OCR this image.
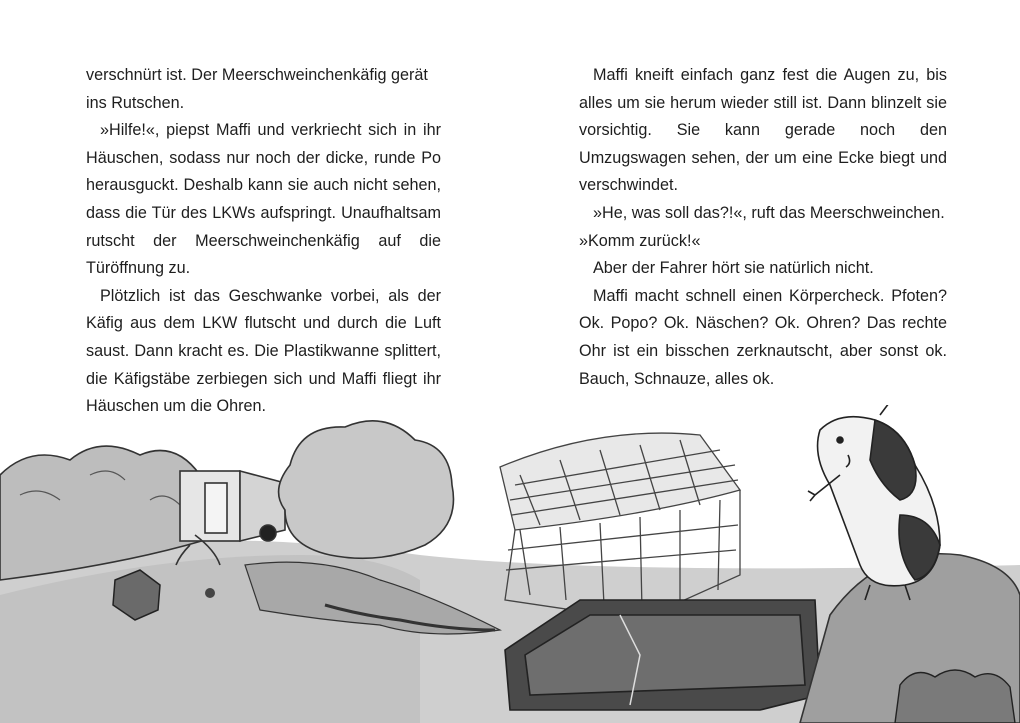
verschnürt ist. Der Meerschweinchenkäfig gerät ins Rutschen.

»Hilfe!«, piepst Maffi und verkriecht sich in ihr Häuschen, sodass nur noch der dicke, runde Po herausguckt. Deshalb kann sie auch nicht sehen, dass die Tür des LKWs aufspringt. Unaufhaltsam rutscht der Meerschweinchenkäfig auf die Türöffnung zu.

Plötzlich ist das Geschwanke vorbei, als der Käfig aus dem LKW flutscht und durch die Luft saust. Dann kracht es. Die Plastikwanne splittert, die Käfigstäbe zerbiegen sich und Maffi fliegt ihr Häuschen um die Ohren.

Maffi kneift einfach ganz fest die Augen zu, bis alles um sie herum wieder still ist. Dann blinzelt sie vorsichtig. Sie kann gerade noch den Umzugswagen sehen, der um eine Ecke biegt und verschwindet.

»He, was soll das?!«, ruft das Meerschweinchen.

»Komm zurück!«

Aber der Fahrer hört sie natürlich nicht.

Maffi macht schnell einen Körpercheck. Pfoten? Ok. Popo? Ok. Näschen? Ok. Ohren? Das rechte Ohr ist ein bisschen zerknautscht, aber sonst ok. Bauch, Schnauze, alles ok.
